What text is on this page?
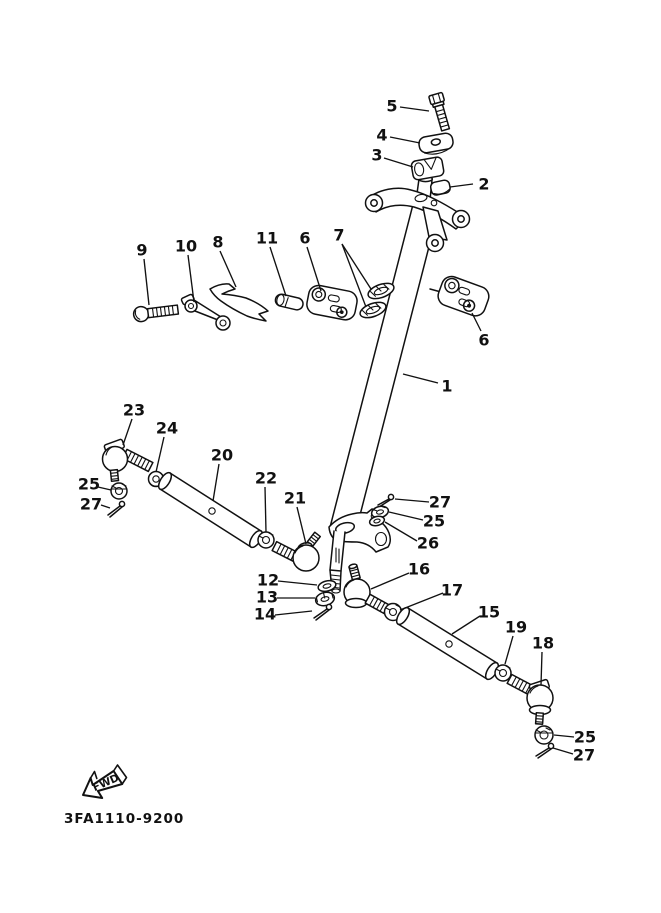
FWD
3FA1110-9200
1
2
3
4
5
6 7
8
9 10	11
6
23
24
20
25
27
22
21	27
25
26
12
13
14
16
17
15
19
18
25
27
